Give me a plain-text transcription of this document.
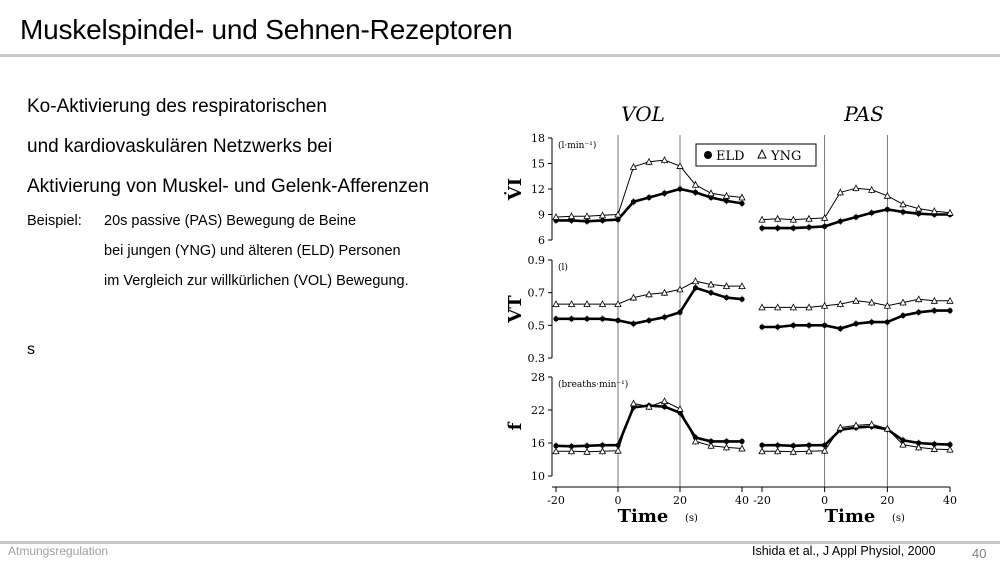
Muskelspindel- und Sehnen-Rezeptoren
Ko-Aktivierung des respiratorischen
und kardiovaskulären Netzwerks bei
Aktivierung von Muskel- und Gelenk-Afferenzen
Beispiel: 20s passive (PAS) Bewegung de Beine
bei jungen (YNG) und älteren (ELD) Personen
im Vergleich zur willkürlichen (VOL) Bewegung.
s
VOL	PAS
-20	0	20	40
Time (s)
-20	0	20	40
Time (s)
18
15
12
9
6
V̇I
(l·min⁻¹)
0.9
0.7
0.5
0.3
VT
(l)
28
22
16
10
f
(breaths·min⁻¹)
ELD YNG
Atmungsregulation	Ishida et al., J Appl Physiol, 2000	40
